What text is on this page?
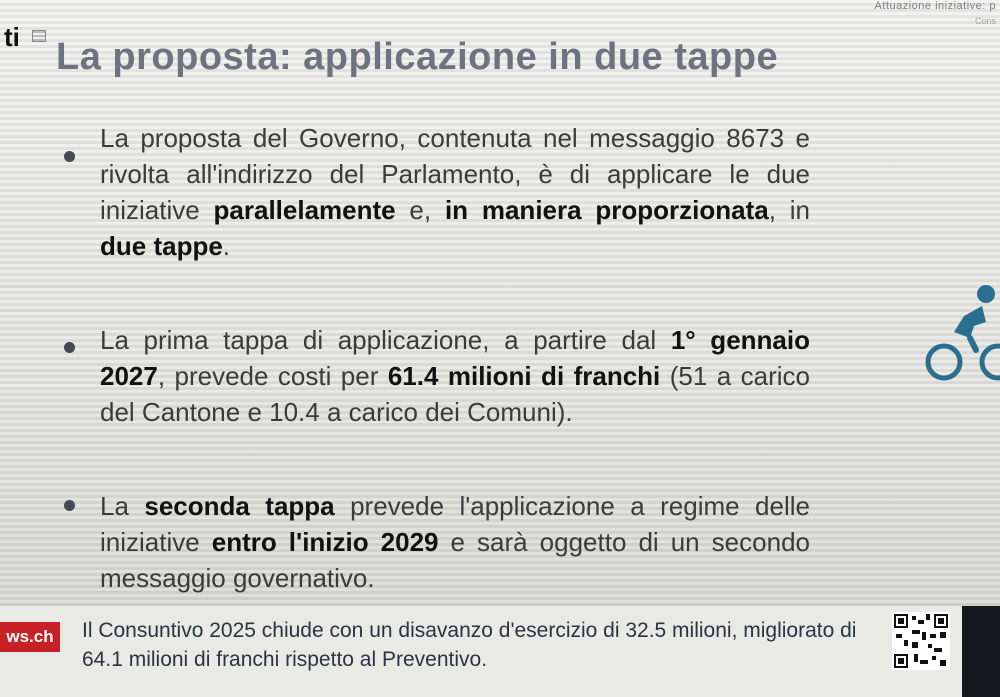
Attuazione iniziative: p
Cons
ti La proposta: applicazione in due tappe
La proposta del Governo, contenuta nel messaggio 8673 e rivolta all'indirizzo del Parlamento, è di applicare le due iniziative parallelamente e, in maniera proporzionata, in due tappe.
La prima tappa di applicazione, a partire dal 1° gennaio 2027, prevede costi per 61.4 milioni di franchi (51 a carico del Cantone e 10.4 a carico dei Comuni).
La seconda tappa prevede l'applicazione a regime delle iniziative entro l'inizio 2029 e sarà oggetto di un secondo messaggio governativo.
ws.ch	Il Consuntivo 2025 chiude con un disavanzo d'esercizio di 32.5 milioni, migliorato di 64.1 milioni di franchi rispetto al Preventivo.
